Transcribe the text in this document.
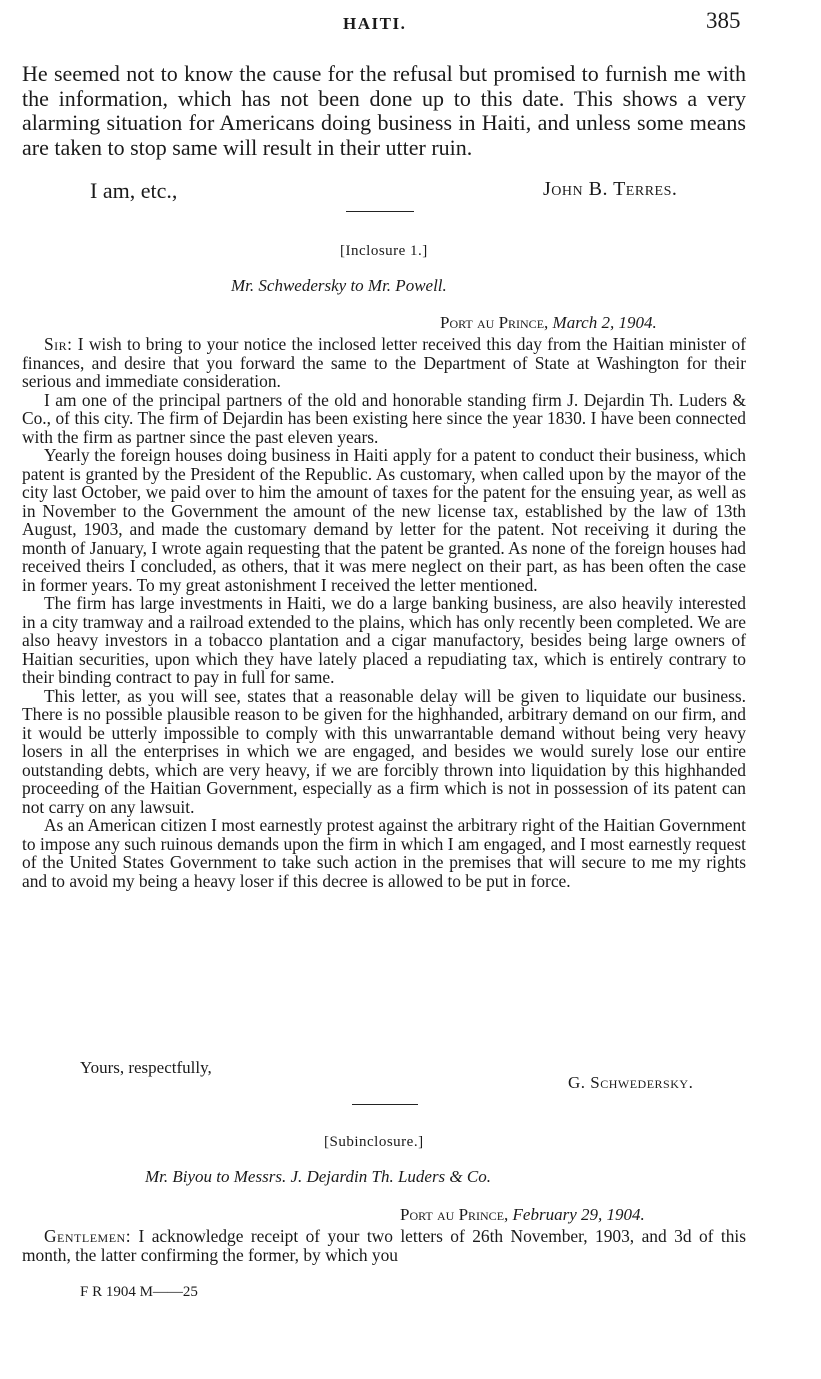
HAITI.	385

He seemed not to know the cause for the refusal but promised to furnish me with the information, which has not been done up to this date. This shows a very alarming situation for Americans doing business in Haiti, and unless some means are taken to stop same will result in their utter ruin.

I am, etc.,	John B. Terres.
[Inclosure 1.]
Mr. Schwedersky to Mr. Powell.
Port au Prince, March 2, 1904.

Sir: I wish to bring to your notice the inclosed letter received this day from the Haitian minister of finances, and desire that you forward the same to the Department of State at Washington for their serious and immediate consideration.

I am one of the principal partners of the old and honorable standing firm J. Dejardin Th. Luders & Co., of this city. The firm of Dejardin has been existing here since the year 1830. I have been connected with the firm as partner since the past eleven years.

Yearly the foreign houses doing business in Haiti apply for a patent to conduct their business, which patent is granted by the President of the Republic. As customary, when called upon by the mayor of the city last October, we paid over to him the amount of taxes for the patent for the ensuing year, as well as in November to the Government the amount of the new license tax, established by the law of 13th August, 1903, and made the customary demand by letter for the patent. Not receiving it during the month of January, I wrote again requesting that the patent be granted. As none of the foreign houses had received theirs I concluded, as others, that it was mere neglect on their part, as has been often the case in former years. To my great astonishment I received the letter mentioned.

The firm has large investments in Haiti, we do a large banking business, are also heavily interested in a city tramway and a railroad extended to the plains, which has only recently been completed. We are also heavy investors in a tobacco plantation and a cigar manufactory, besides being large owners of Haitian securities, upon which they have lately placed a repudiating tax, which is entirely contrary to their binding contract to pay in full for same.

This letter, as you will see, states that a reasonable delay will be given to liquidate our business. There is no possible plausible reason to be given for the highhanded, arbitrary demand on our firm, and it would be utterly impossible to comply with this unwarrantable demand without being very heavy losers in all the enterprises in which we are engaged, and besides we would surely lose our entire outstanding debts, which are very heavy, if we are forcibly thrown into liquidation by this highhanded proceeding of the Haitian Government, especially as a firm which is not in possession of its patent can not carry on any lawsuit.

As an American citizen I most earnestly protest against the arbitrary right of the Haitian Government to impose any such ruinous demands upon the firm in which I am engaged, and I most earnestly request of the United States Government to take such action in the premises that will secure to me my rights and to avoid my being a heavy loser if this decree is allowed to be put in force.

Yours, respectfully,
G. Schwedersky.
[Subinclosure.]
Mr. Biyou to Messrs. J. Dejardin Th. Luders & Co.
Port au Prince, February 29, 1904.

Gentlemen: I acknowledge receipt of your two letters of 26th November, 1903, and 3d of this month, the latter confirming the former, by which you

F R 1904 M——25
